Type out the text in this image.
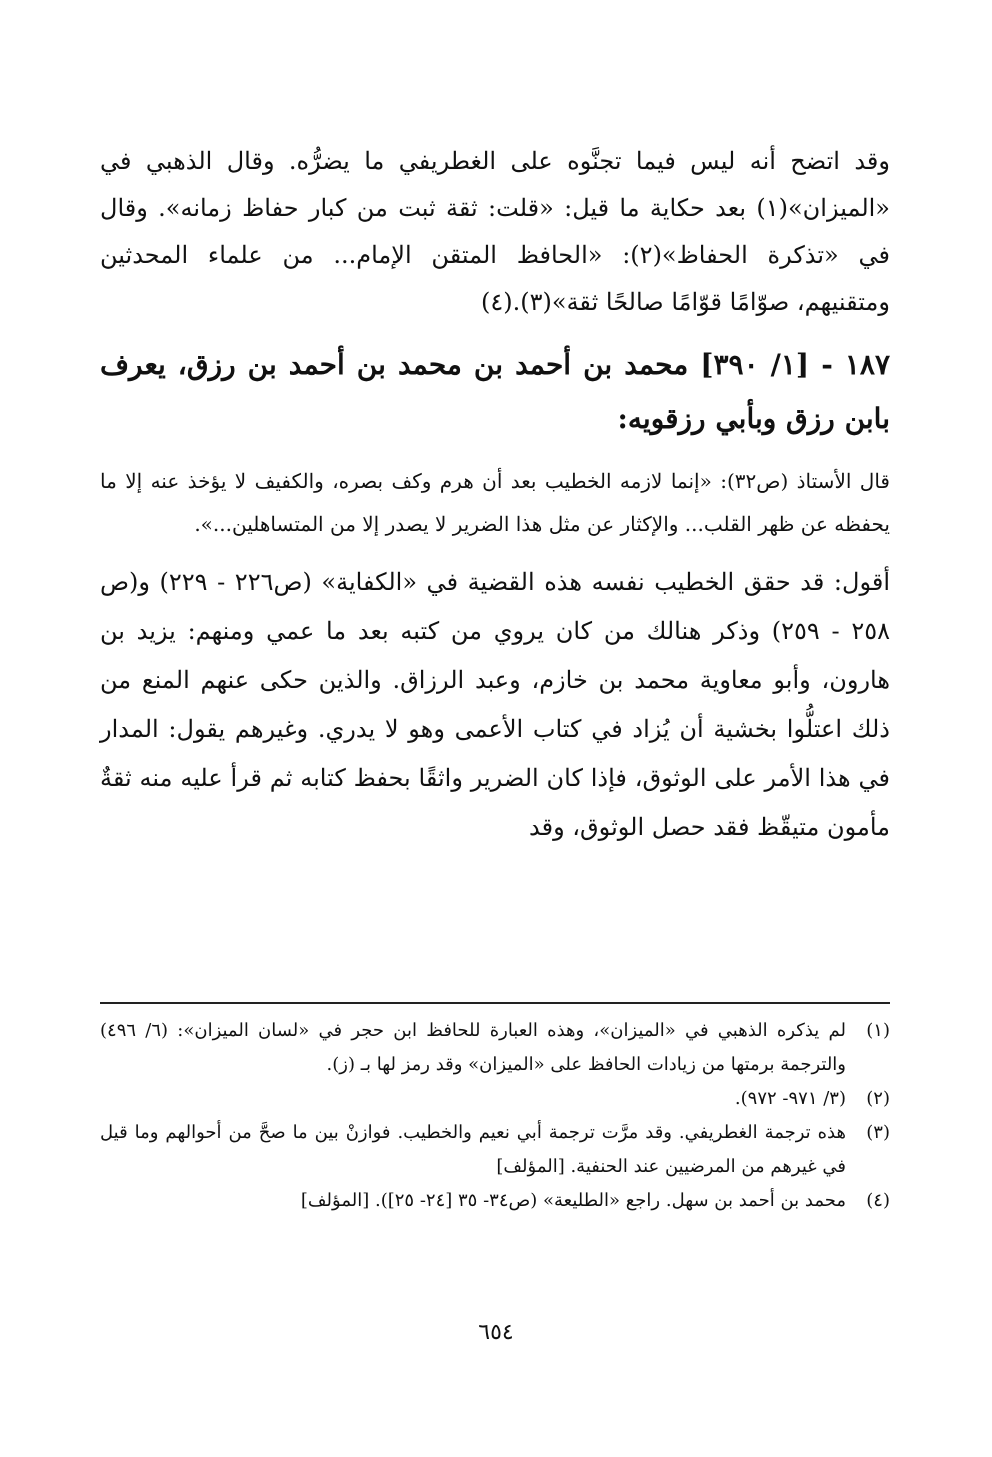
وقد اتضح أنه ليس فيما تجنَّوه على الغطريفي ما يضرُّه. وقال الذهبي في «الميزان»(١) بعد حكاية ما قيل: «قلت: ثقة ثبت من كبار حفاظ زمانه». وقال في «تذكرة الحفاظ»(٢): «الحافظ المتقن الإمام... من علماء المحدثين ومتقنيهم، صوّامًا قوّامًا صالحًا ثقة»(٣).(٤)

١٨٧ - [١/ ٣٩٠] محمد بن أحمد بن محمد بن أحمد بن رزق، يعرف بابن رزق وبأبي رزقويه:

قال الأستاذ (ص٣٢): «إنما لازمه الخطيب بعد أن هرم وكف بصره، والكفيف لا يؤخذ عنه إلا ما يحفظه عن ظهر القلب... والإكثار عن مثل هذا الضرير لا يصدر إلا من المتساهلين...».

أقول: قد حقق الخطيب نفسه هذه القضية في «الكفاية» (ص٢٢٦ - ٢٢٩) و(ص ٢٥٨ - ٢٥٩) وذكر هنالك من كان يروي من كتبه بعد ما عمي ومنهم: يزيد بن هارون، وأبو معاوية محمد بن خازم، وعبد الرزاق. والذين حكى عنهم المنع من ذلك اعتلُّوا بخشية أن يُزاد في كتاب الأعمى وهو لا يدري. وغيرهم يقول: المدار في هذا الأمر على الوثوق، فإذا كان الضرير واثقًا بحفظ كتابه ثم قرأ عليه منه ثقةٌ مأمون متيقّظ فقد حصل الوثوق، وقد

(١)
لم يذكره الذهبي في «الميزان»، وهذه العبارة للحافظ ابن حجر في «لسان الميزان»: (٦/ ٤٩٦) والترجمة برمتها من زيادات الحافظ على «الميزان» وقد رمز لها بـ (ز).
(٢)
(٣/ ٩٧١- ٩٧٢).
(٣)
هذه ترجمة الغطريفي. وقد مرَّت ترجمة أبي نعيم والخطيب. فوازنْ بين ما صحَّ من أحوالهم وما قيل في غيرهم من المرضيين عند الحنفية. [المؤلف]
(٤)
محمد بن أحمد بن سهل. راجع «الطليعة» (ص٣٤- ٣٥ [٢٤- ٢٥]). [المؤلف]
٦٥٤
